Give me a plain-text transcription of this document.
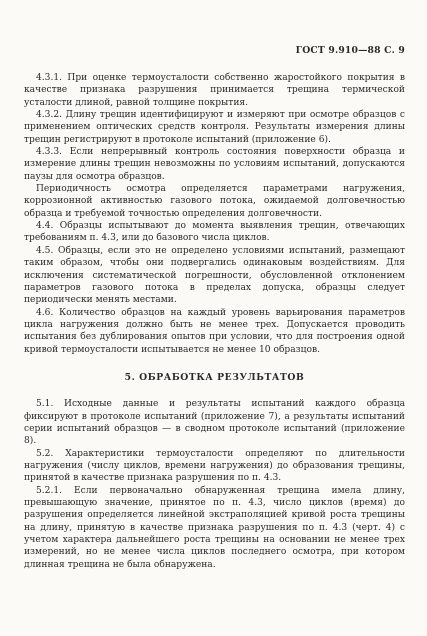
ГОСТ 9.910—88 С. 9

4.3.1. При оценке термоусталости собственно жаростойкого покрытия в качестве признака разрушения принимается трещина термической усталости длиной, равной толщине покрытия.

4.3.2. Длину трещин идентифицируют и измеряют при осмотре образцов с применением оптических средств контроля. Результаты измерения длины трещин регистрируют в протоколе испытаний (приложение 6).

4.3.3. Если непрерывный контроль состояния поверхности образца и измерение длины трещин невозможны по условиям испытаний, допускаются паузы для осмотра образцов.

Периодичность осмотра определяется параметрами нагружения, коррозионной активностью газового потока, ожидаемой долговечностью образца и требуемой точностью определения долговечности.

4.4. Образцы испытывают до момента выявления трещин, отвечающих требованиям п. 4.3, или до базового числа циклов.

4.5. Образцы, если это не определено условиями испытаний, размещают таким образом, чтобы они подвергались одинаковым воздействиям. Для исключения систематической погрешности, обусловленной отклонением параметров газового потока в пределах допуска, образцы следует периодически менять местами.

4.6. Количество образцов на каждый уровень варьирования параметров цикла нагружения должно быть не менее трех. Допускается проводить испытания без дублирования опытов при условии, что для построения одной кривой термоусталости испытывается не менее 10 образцов.

5. ОБРАБОТКА РЕЗУЛЬТАТОВ

5.1. Исходные данные и результаты испытаний каждого образца фиксируют в протоколе испытаний (приложение 7), а результаты испытаний серии испытаний образцов — в сводном протоколе испытаний (приложение 8).

5.2. Характеристики термоусталости определяют по длительности нагружения (числу циклов, времени нагружения) до образования трещины, принятой в качестве признака разрушения по п. 4.3.

5.2.1. Если первоначально обнаруженная трещина имела длину, превышающую значение, принятое по п. 4.3, число циклов (время) до разрушения определяется линейной экстраполяцией кривой роста трещины на длину, принятую в качестве признака разрушения по п. 4.3 (черт. 4) с учетом характера дальнейшего роста трещины на основании не менее трех измерений, но не менее числа циклов последнего осмотра, при котором длинная трещина не была обнаружена.
